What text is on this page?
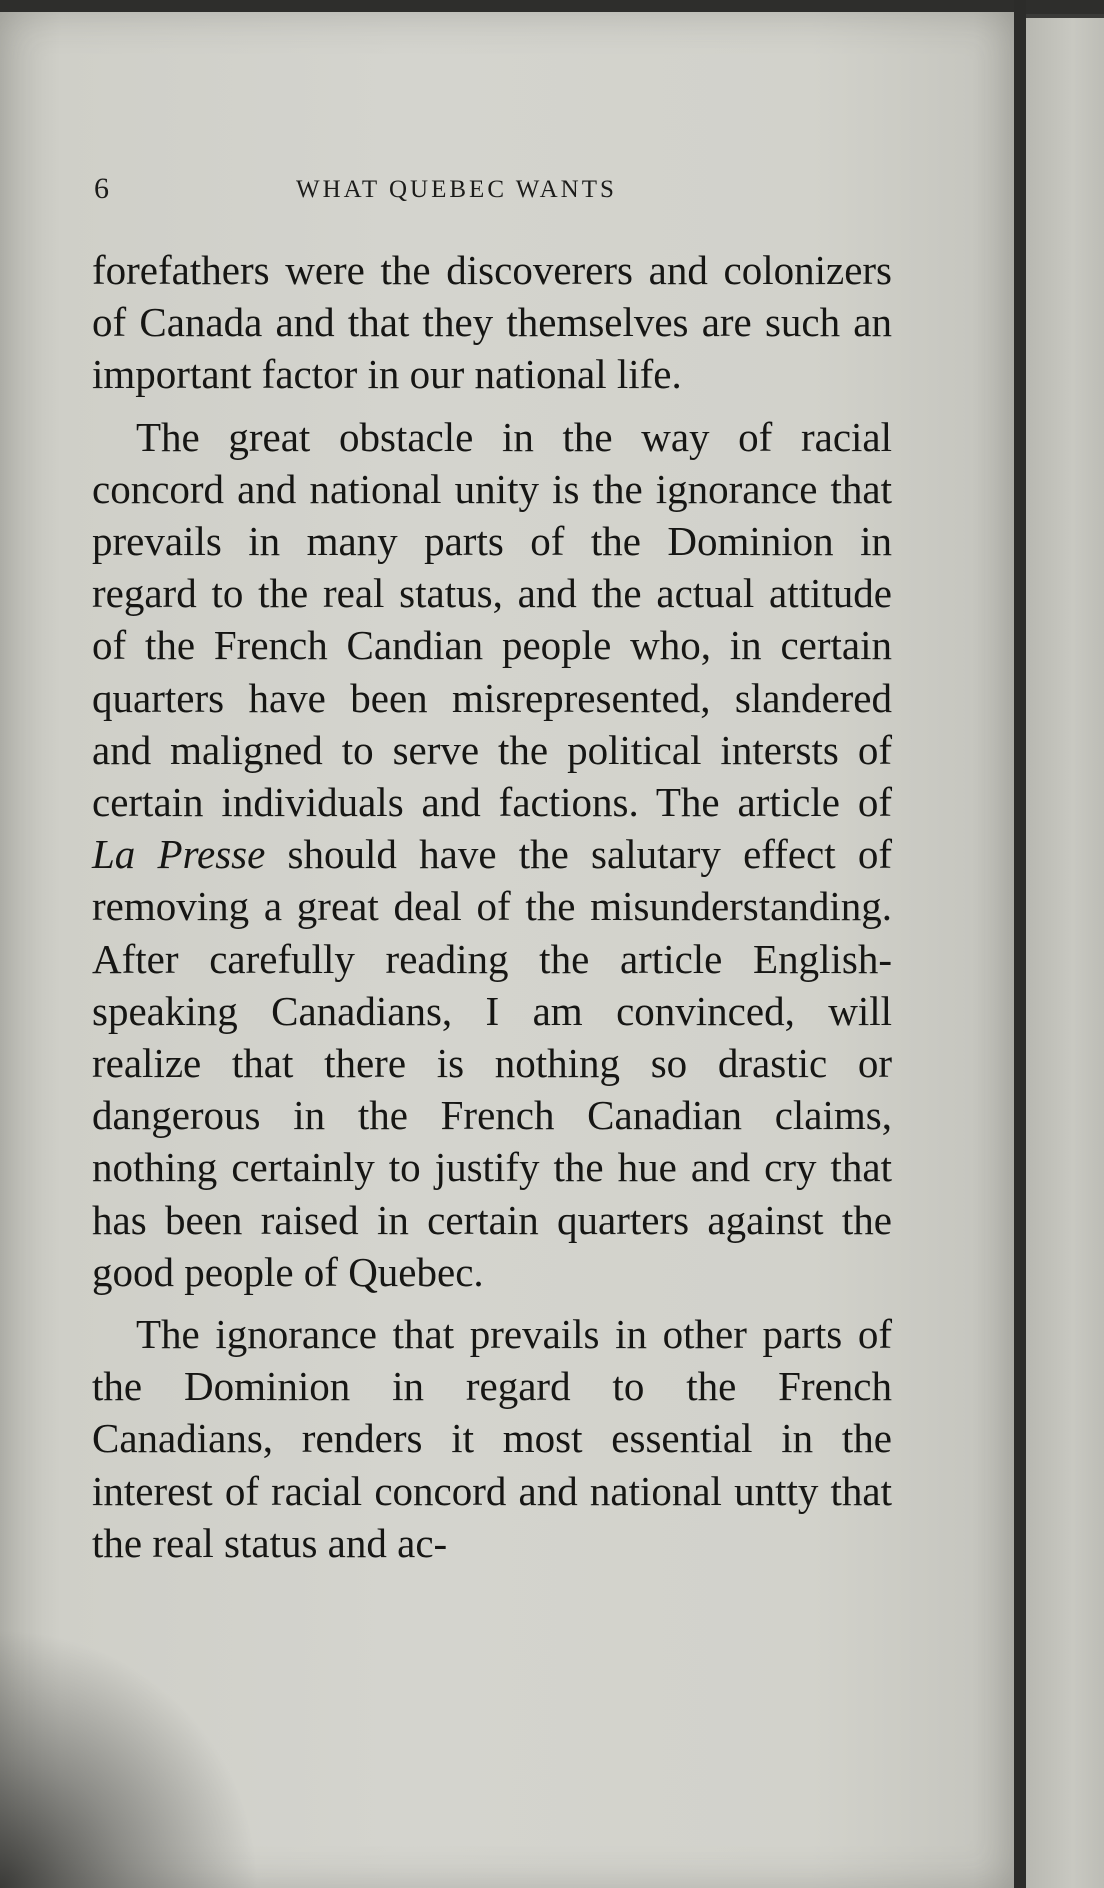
6	WHAT QUEBEC WANTS

forefathers were the discoverers and colonizers of Canada and that they themselves are such an important factor in our national life.

The great obstacle in the way of racial concord and national unity is the ignorance that prevails in many parts of the Dominion in regard to the real status, and the actual attitude of the French Candian people who, in certain quarters have been misrepresented, slandered and maligned to serve the political intersts of certain individuals and factions. The article of La Presse should have the salutary effect of removing a great deal of the misunderstanding. After carefully reading the article English-speaking Canadians, I am convinced, will realize that there is nothing so drastic or dangerous in the French Canadian claims, nothing certainly to justify the hue and cry that has been raised in certain quarters against the good people of Quebec.

The ignorance that prevails in other parts of the Dominion in regard to the French Canadians, renders it most essential in the interest of racial concord and national untty that the real status and ac-
